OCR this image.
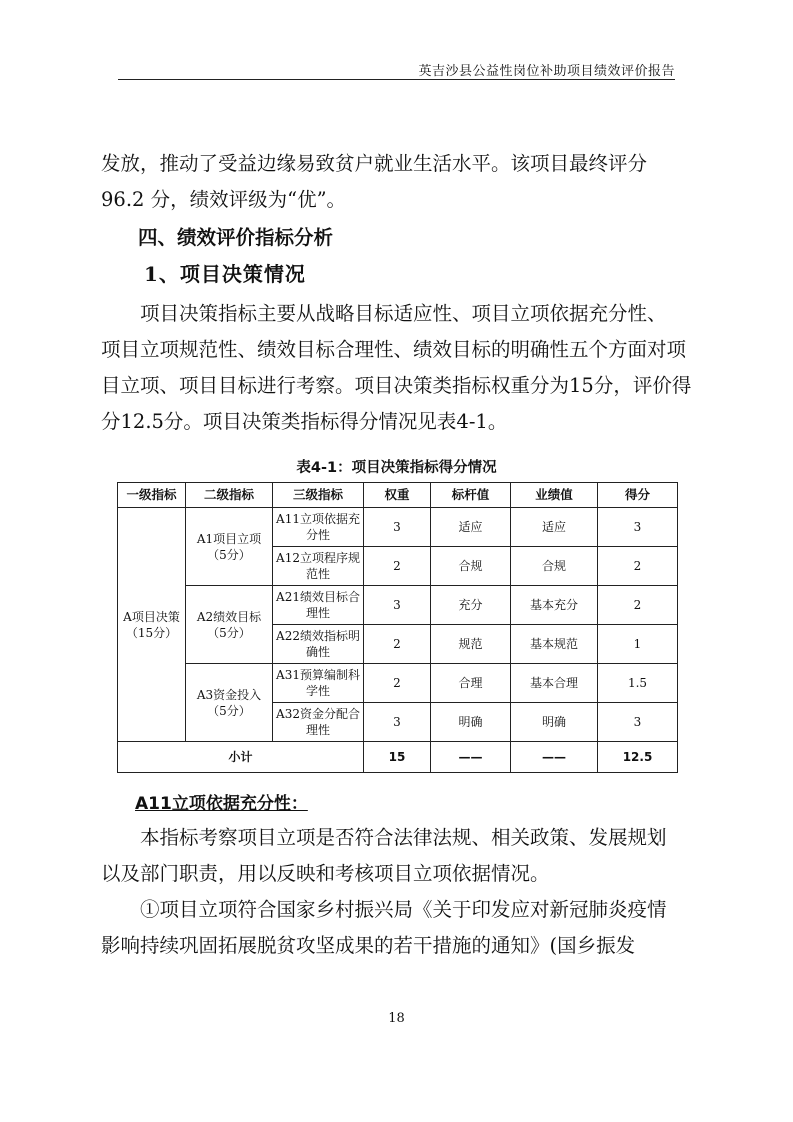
英吉沙县公益性岗位补助项目绩效评价报告

发放，推动了受益边缘易致贫户就业生活水平。该项目最终评分

96.2 分，绩效评级为“优”。

四、绩效评价指标分析
1、项目决策情况

项目决策指标主要从战略目标适应性、项目立项依据充分性、

项目立项规范性、绩效目标合理性、绩效目标的明确性五个方面对项

目立项、项目目标进行考察。项目决策类指标权重分为15分，评价得

分12.5分。项目决策类指标得分情况见表4-1。

表4-1：项目决策指标得分情况
一级指标	二级指标	三级指标	权重	标杆值	业绩值	得分
A项目决策（15分）	A1项目立项（5分）	A11立项依据充分性	3	适应	适应	3
		A12立项程序规范性	2	合规	合规	2
	A2绩效目标（5分）	A21绩效目标合理性	3	充分	基本充分	2
		A22绩效指标明确性	2	规范	基本规范	1
	A3资金投入（5分）	A31预算编制科学性	2	合理	基本合理	1.5
		A32资金分配合理性	3	明确	明确	3
小计			15	——	——	12.5
A11立项依据充分性：

本指标考察项目立项是否符合法律法规、相关政策、发展规划

以及部门职责，用以反映和考核项目立项依据情况。

①项目立项符合国家乡村振兴局《关于印发应对新冠肺炎疫情

影响持续巩固拓展脱贫攻坚成果的若干措施的通知》(国乡振发

18
